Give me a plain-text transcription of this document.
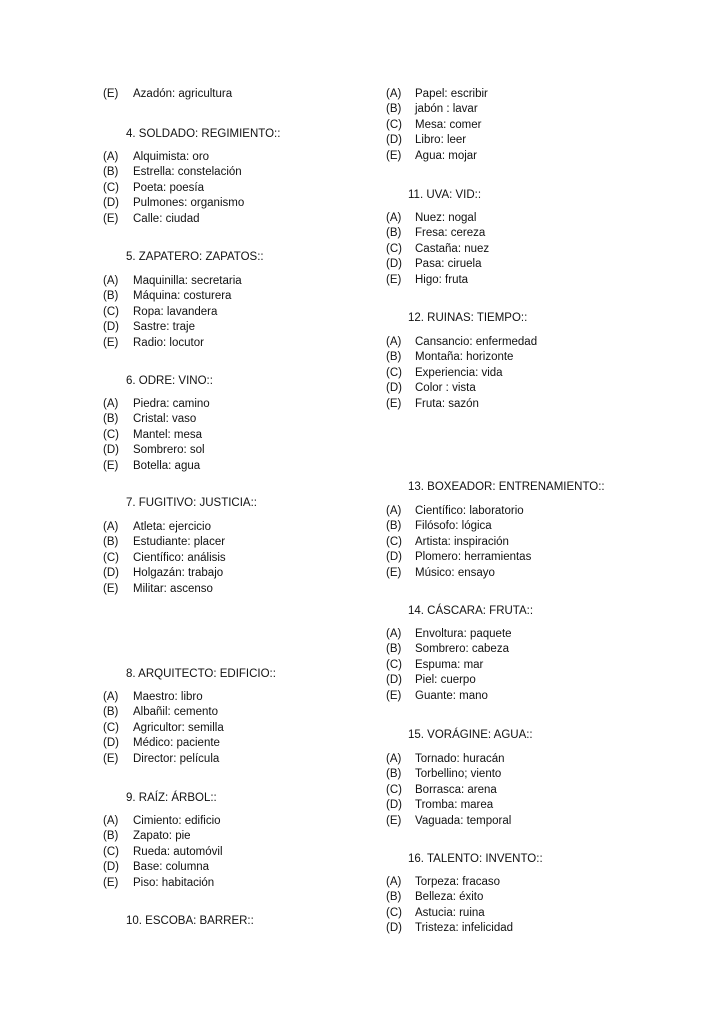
(E) Azadón: agricultura
4. SOLDADO: REGIMIENTO::
(A) Alquimista: oro
(B) Estrella: constelación
(C) Poeta: poesía
(D) Pulmones: organismo
(E) Calle: ciudad
5. ZAPATERO: ZAPATOS::
(A) Maquinilla: secretaria
(B) Máquina: costurera
(C) Ropa: lavandera
(D) Sastre: traje
(E) Radio: locutor
6. ODRE: VINO::
(A) Piedra: camino
(B) Cristal: vaso
(C) Mantel: mesa
(D) Sombrero: sol
(E) Botella: agua
7. FUGITIVO: JUSTICIA::
(A) Atleta: ejercicio
(B) Estudiante: placer
(C) Científico: análisis
(D) Holgazán: trabajo
(E) Militar: ascenso
8. ARQUITECTO: EDIFICIO::
(A) Maestro: libro
(B) Albañil: cemento
(C) Agricultor: semilla
(D) Médico: paciente
(E) Director: película
9. RAÍZ: ÁRBOL::
(A) Cimiento: edificio
(B) Zapato: pie
(C) Rueda: automóvil
(D) Base: columna
(E) Piso: habitación
10. ESCOBA: BARRER::
(A) Papel: escribir
(B) jabón : lavar
(C) Mesa: comer
(D) Libro: leer
(E) Agua: mojar
11. UVA: VID::
(A) Nuez: nogal
(B) Fresa: cereza
(C) Castaña: nuez
(D) Pasa: ciruela
(E) Higo: fruta
12. RUINAS: TIEMPO::
(A) Cansancio: enfermedad
(B) Montaña: horizonte
(C) Experiencia: vida
(D) Color : vista
(E) Fruta: sazón
13. BOXEADOR: ENTRENAMIENTO::
(A) Científico: laboratorio
(B) Filósofo: lógica
(C) Artista: inspiración
(D) Plomero: herramientas
(E) Músico: ensayo
14. CÁSCARA: FRUTA::
(A) Envoltura: paquete
(B) Sombrero: cabeza
(C) Espuma: mar
(D) Piel: cuerpo
(E) Guante: mano
15. VORÁGINE: AGUA::
(A) Tornado: huracán
(B) Torbellino; viento
(C) Borrasca: arena
(D) Tromba: marea
(E) Vaguada: temporal
16. TALENTO: INVENTO::
(A) Torpeza: fracaso
(B) Belleza: éxito
(C) Astucia: ruina
(D) Tristeza: infelicidad
